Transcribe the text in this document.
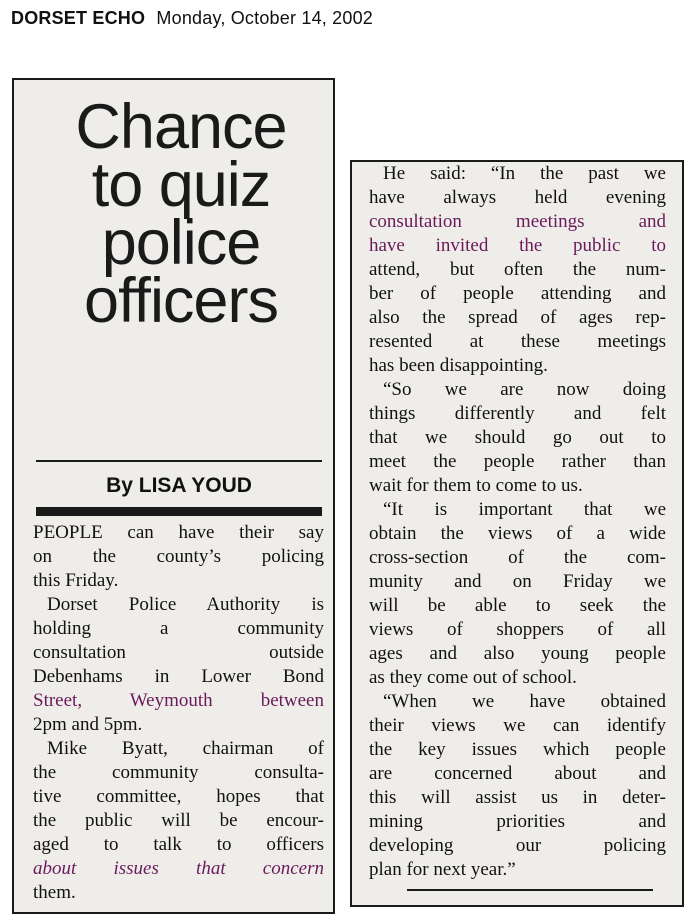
DORSET ECHO Monday, October 14, 2002
Chance
to quiz
police
officers
By LISA YOUD
PEOPLE can have their say
on the county’s policing
this Friday.
Dorset Police Authority is
holding a community
consultation outside
Debenhams in Lower Bond
Street, Weymouth between
2pm and 5pm.
Mike Byatt, chairman of
the community consulta-
tive committee, hopes that
the public will be encour-
aged to talk to officers
about issues that concern
them.
He said: “In the past we
have always held evening
consultation meetings and
have invited the public to
attend, but often the num-
ber of people attending and
also the spread of ages rep-
resented at these meetings
has been disappointing.
“So we are now doing
things differently and felt
that we should go out to
meet the people rather than
wait for them to come to us.
“It is important that we
obtain the views of a wide
cross-section of the com-
munity and on Friday we
will be able to seek the
views of shoppers of all
ages and also young people
as they come out of school.
“When we have obtained
their views we can identify
the key issues which people
are concerned about and
this will assist us in deter-
mining priorities and
developing our policing
plan for next year.”
